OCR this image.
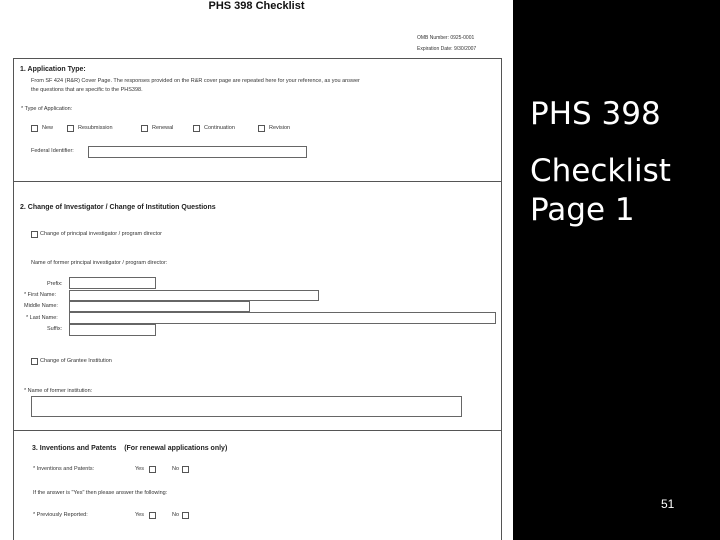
PHS 398 Checklist
OMB Number: 0925-0001
Expiration Date: 9/30/2007
1. Application Type:
From SF 424 (R&R) Cover Page. The responses provided on the R&R cover page are repeated here for your reference, as you answer
the questions that are specific to the PHS398.
* Type of Application:
New	Resubmission	Renewal	Continuation	Revision
Federal Identifier:
2. Change of Investigator / Change of Institution Questions
Change of principal investigator / program director
Name of former principal investigator / program director:
Prefix:
* First Name:
Middle Name:
* Last Name:
Suffix:
Change of Grantee Institution
* Name of former institution:
3. Inventions and Patents (For renewal applications only)
* Inventions and Patents:	Yes	No
If the answer is "Yes" then please answer the following:
* Previously Reported:	Yes	No
PHS 398
Checklist
Page 1
51
